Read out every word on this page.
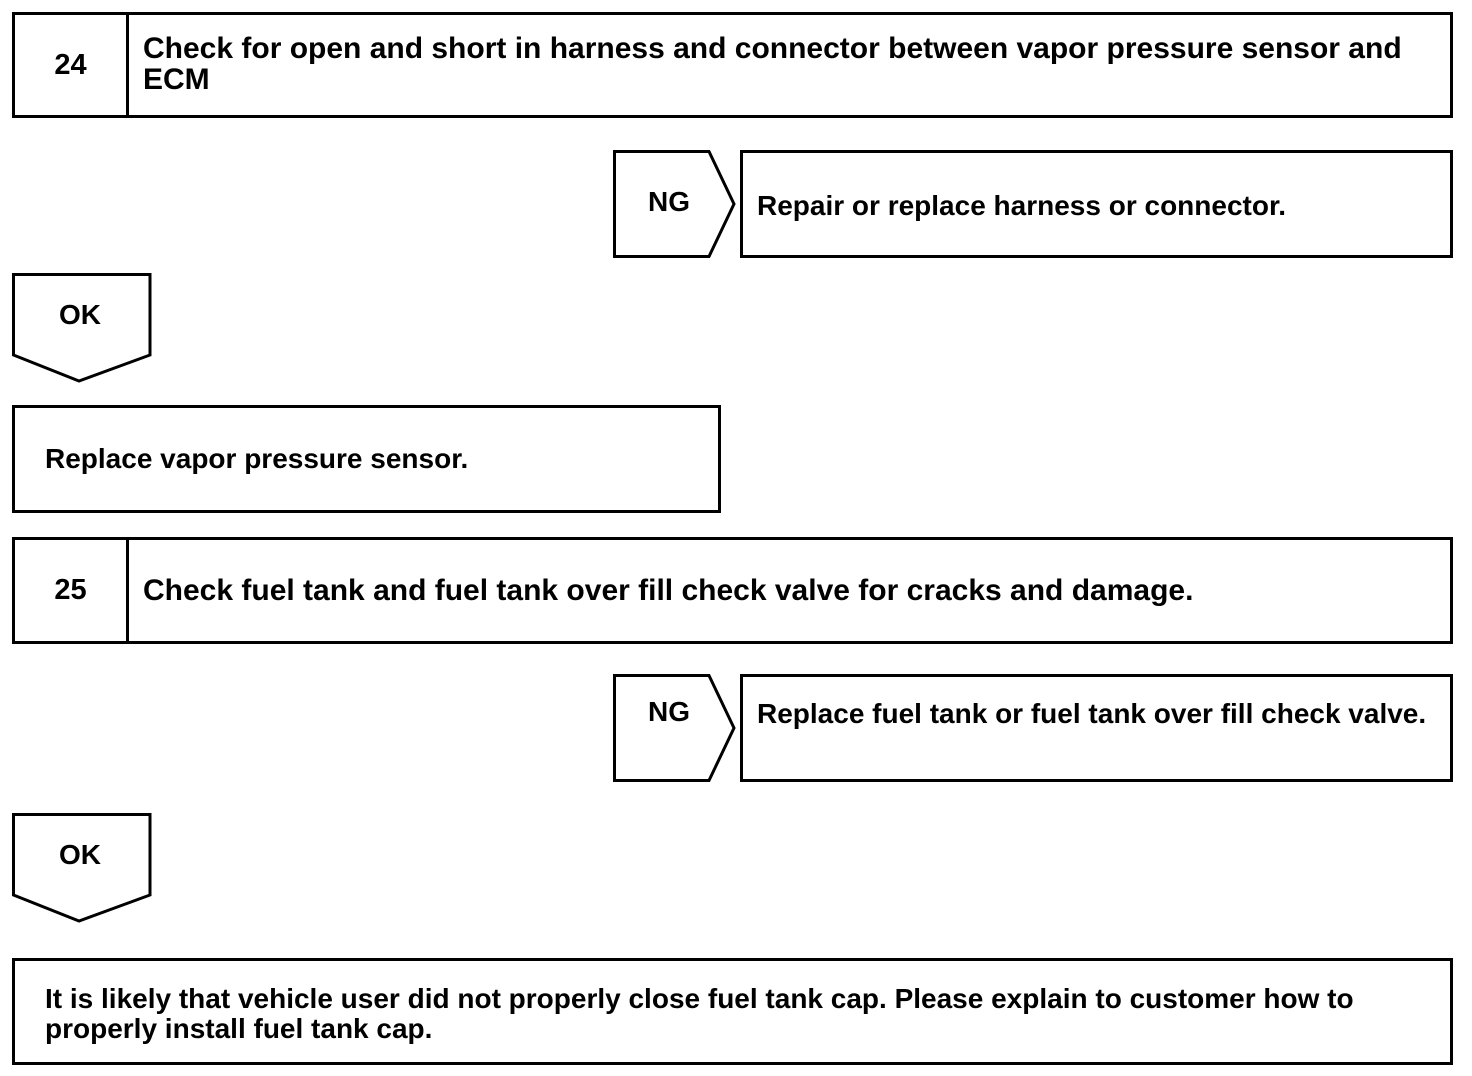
24	Check for open and short in harness and connector between vapor pressure sensor and ECM
NG	Repair or replace harness or connector.
OK
Replace vapor pressure sensor.
25	Check fuel tank and fuel tank over fill check valve for cracks and damage.
NG	Replace fuel tank or fuel tank over fill check valve.
OK
It is likely that vehicle user did not properly close fuel tank cap. Please explain to customer how to properly install fuel tank cap.
